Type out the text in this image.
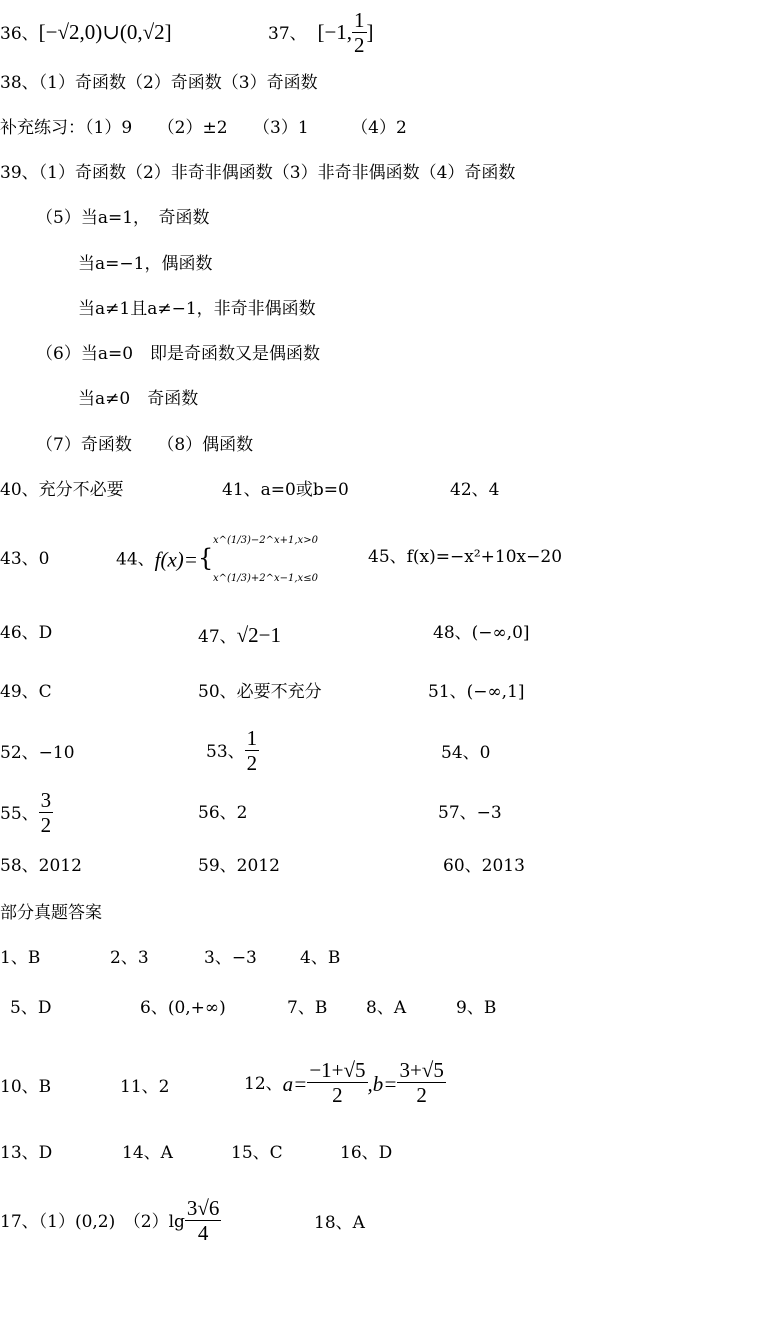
36、[−√2,0)∪(0,√2]	37、 [−1, $\frac{1}{2}$ ]
38、（1）奇函数（2）奇函数（3）奇函数
补充练习：（1）9　　（2）±2　　（3）1　　　（4）2
39、（1）奇函数（2）非奇非偶函数（3）非奇非偶函数（4）奇函数
（5）当a=1，　奇函数
当a=−1，偶函数
当a≠1且a≠−1，非奇非偶函数
（6）当a=0　即是奇函数又是偶函数
当a≠0　奇函数
（7）奇函数　　（8）偶函数
40、充分不必要	41、a=0或b=0	42、4
43、0	44、f(x)= {
x^(1/3)−2^x+1,x>0
x^(1/3)+2^x−1,x≤0
45、f(x)=−x²+10x−20
46、D	47、√2−1	48、(−∞,0]
49、C	50、必要不充分	51、(−∞,1]
52、−10	53、 $\frac{1}{2}$	54、0
55、 $\frac{3}{2}$	56、2	57、−3
58、2012	59、2012	60、2013
部分真题答案
1、B	2、3	3、−3	4、B
5、D	6、(0,+∞)	7、B 8、A	9、B
10、B	11、2	12、$a= \frac{-1+√5}{2} ,b= \frac{3+√5}{2}$
13、D	14、A	15、C	16、D
17、（1）(0,2)　$(2)\lg \frac{3√6}{4}$	18、A
